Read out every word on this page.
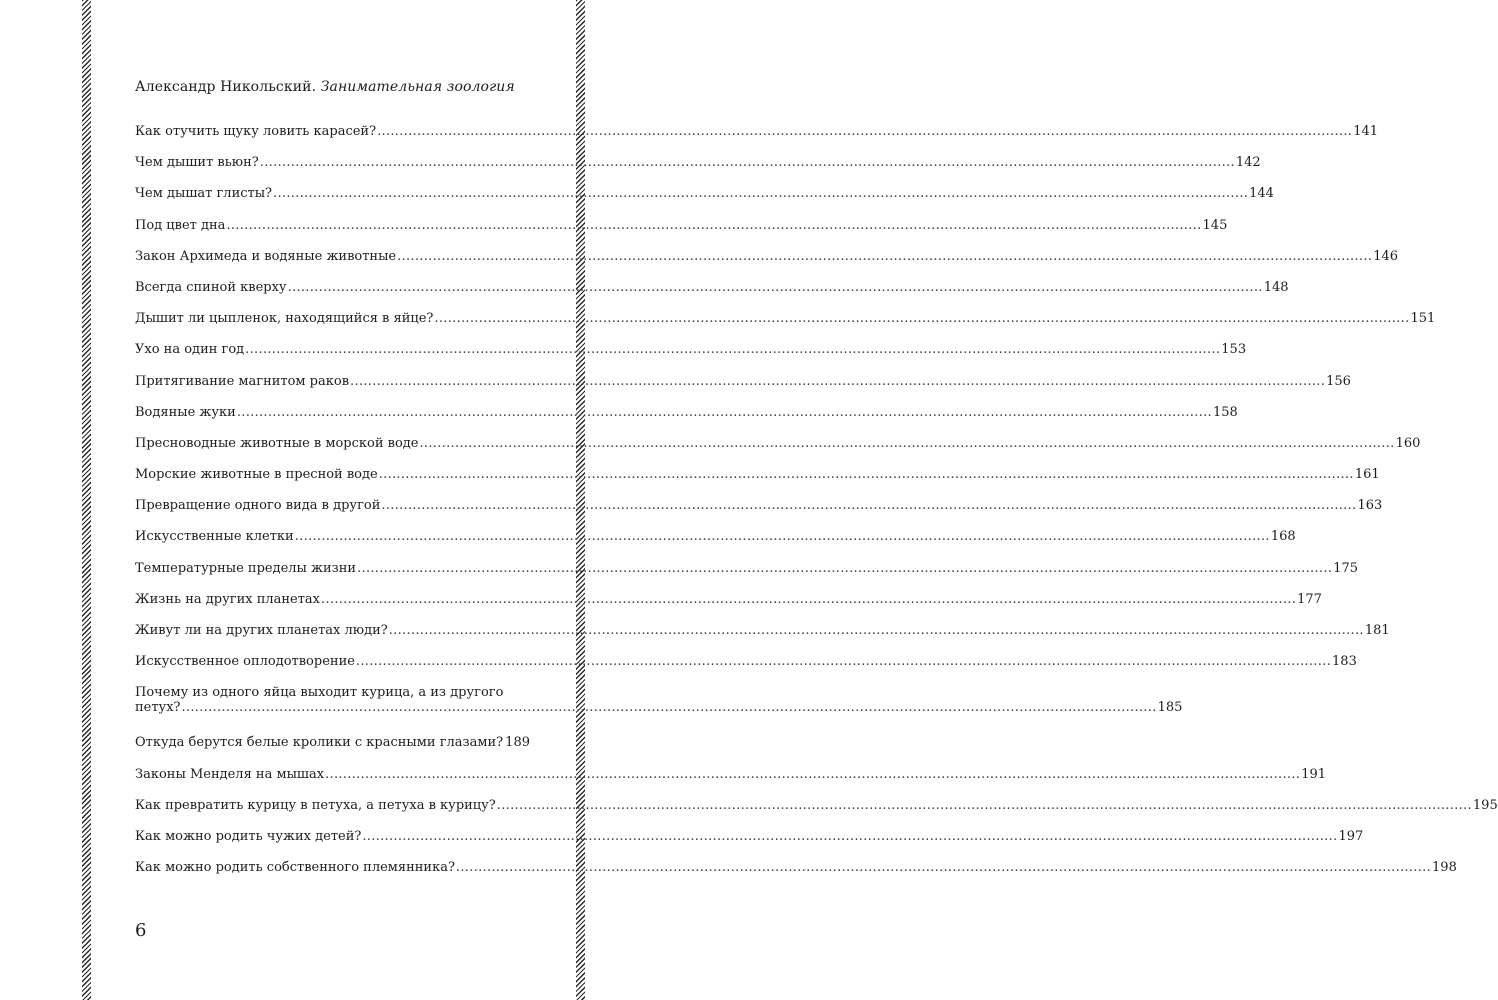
Александр Никольский. Занимательная зоология
Как отучить щуку ловить карасей? ............................................................................................................................................................................................................................ 141
Чем дышит вьюн? ............................................................................................................................................................................................................................ 142
Чем дышат глисты? ............................................................................................................................................................................................................................ 144
Под цвет дна ............................................................................................................................................................................................................................ 145
Закон Архимеда и водяные животные ............................................................................................................................................................................................................................ 146
Всегда спиной кверху ............................................................................................................................................................................................................................ 148
Дышит ли цыпленок, находящийся в яйце? ............................................................................................................................................................................................................................ 151
Ухо на один год ............................................................................................................................................................................................................................ 153
Притягивание магнитом раков ............................................................................................................................................................................................................................ 156
Водяные жуки ............................................................................................................................................................................................................................ 158
Пресноводные животные в морской воде ............................................................................................................................................................................................................................ 160
Морские животные в пресной воде ............................................................................................................................................................................................................................ 161
Превращение одного вида в другой ............................................................................................................................................................................................................................ 163
Искусственные клетки ............................................................................................................................................................................................................................ 168
Температурные пределы жизни ............................................................................................................................................................................................................................ 175
Жизнь на других планетах ............................................................................................................................................................................................................................ 177
Живут ли на других планетах люди? ............................................................................................................................................................................................................................ 181
Искусственное оплодотворение ............................................................................................................................................................................................................................ 183
Почему из одного яйца выходит курица, а из другого
петух? ............................................................................................................................................................................................................................ 185
Откуда берутся белые кролики с красными глазами? 189
Законы Менделя на мышах ............................................................................................................................................................................................................................ 191
Как превратить курицу в петуха, а петуха в курицу? ............................................................................................................................................................................................................................ 195
Как можно родить чужих детей? ............................................................................................................................................................................................................................ 197
Как можно родить собственного племянника? ............................................................................................................................................................................................................................ 198
6
